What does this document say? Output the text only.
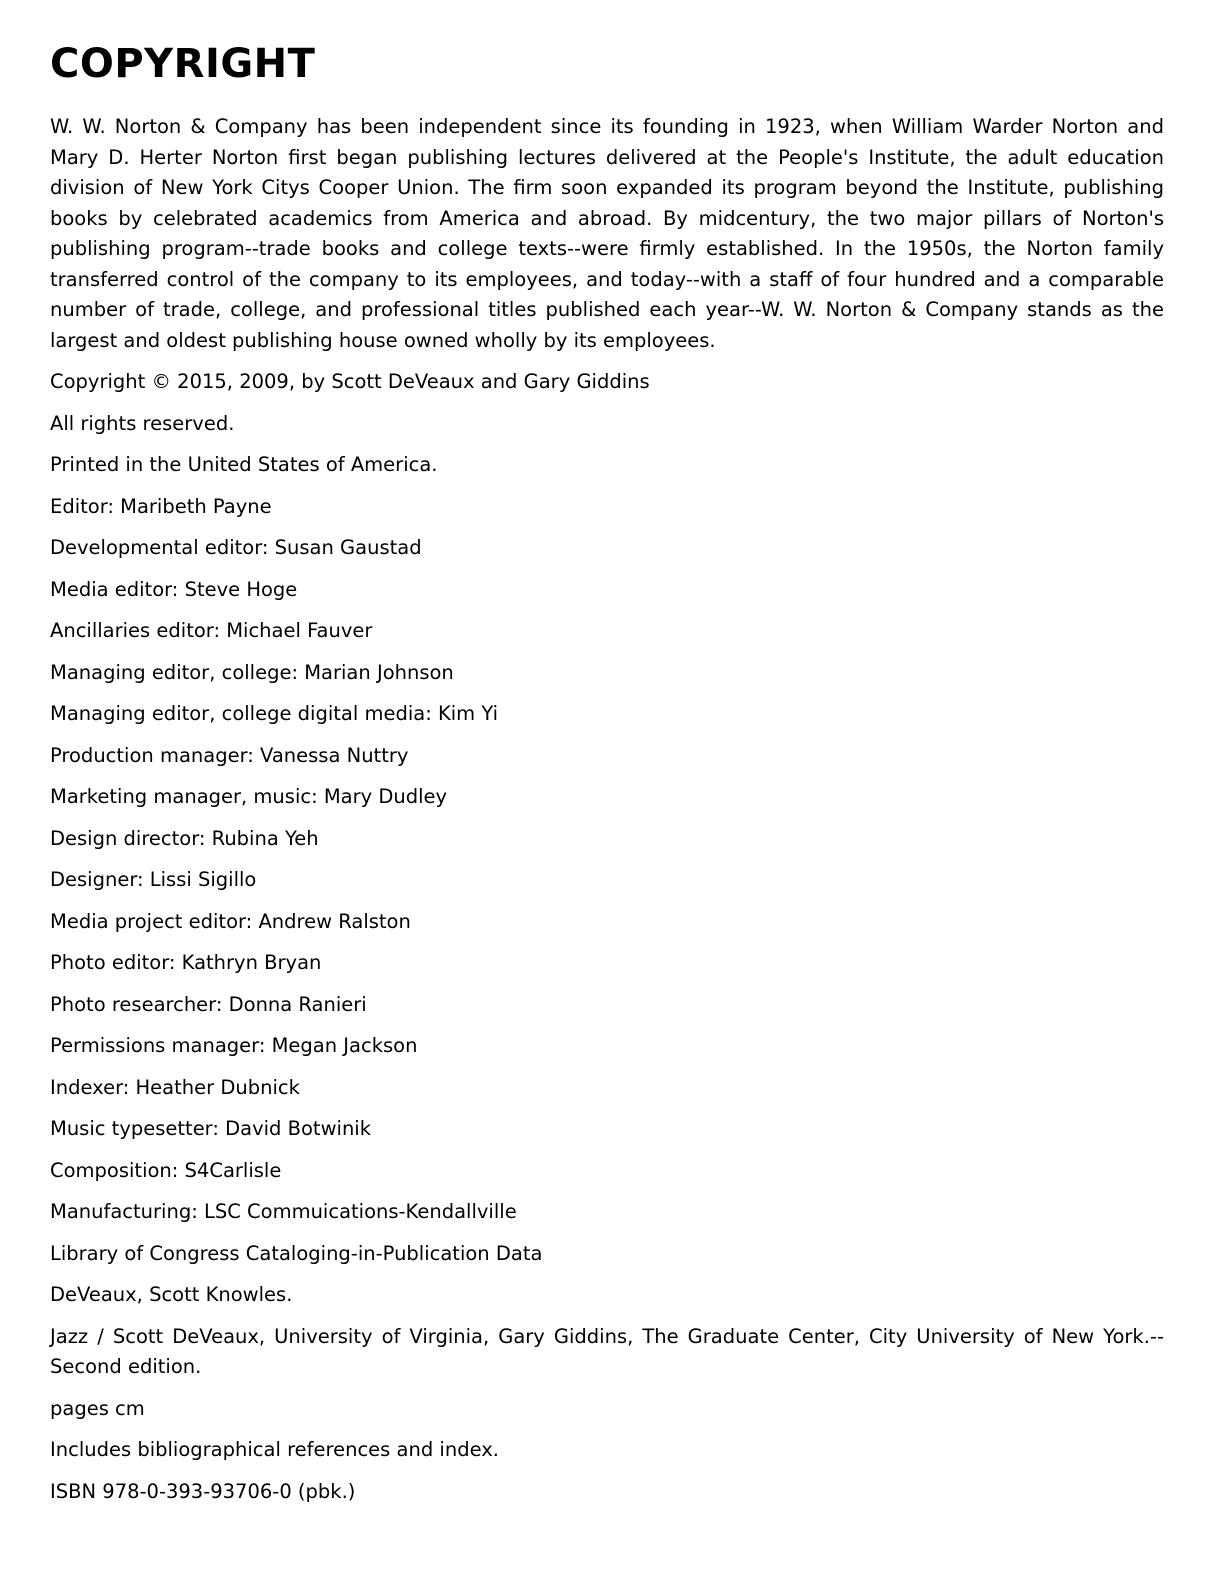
COPYRIGHT

W. W. Norton & Company has been independent since its founding in 1923, when William Warder Norton and Mary D. Herter Norton first began publishing lectures delivered at the People's Institute, the adult education division of New York Citys Cooper Union. The firm soon expanded its program beyond the Institute, publishing books by celebrated academics from America and abroad. By midcentury, the two major pillars of Norton's publishing program--trade books and college texts--were firmly established. In the 1950s, the Norton family transferred control of the company to its employees, and today--with a staff of four hundred and a comparable number of trade, college, and professional titles published each year--W. W. Norton & Company stands as the largest and oldest publishing house owned wholly by its employees.

Copyright © 2015, 2009, by Scott DeVeaux and Gary Giddins

All rights reserved.

Printed in the United States of America.

Editor: Maribeth Payne

Developmental editor: Susan Gaustad

Media editor: Steve Hoge

Ancillaries editor: Michael Fauver

Managing editor, college: Marian Johnson

Managing editor, college digital media: Kim Yi

Production manager: Vanessa Nuttry

Marketing manager, music: Mary Dudley

Design director: Rubina Yeh

Designer: Lissi Sigillo

Media project editor: Andrew Ralston

Photo editor: Kathryn Bryan

Photo researcher: Donna Ranieri

Permissions manager: Megan Jackson

Indexer: Heather Dubnick

Music typesetter: David Botwinik

Composition: S4Carlisle

Manufacturing: LSC Commuications-Kendallville

Library of Congress Cataloging-in-Publication Data

DeVeaux, Scott Knowles.

Jazz / Scott DeVeaux, University of Virginia, Gary Giddins, The Graduate Center, City University of New York.--Second edition.

pages cm

Includes bibliographical references and index.

ISBN 978-0-393-93706-0 (pbk.)
